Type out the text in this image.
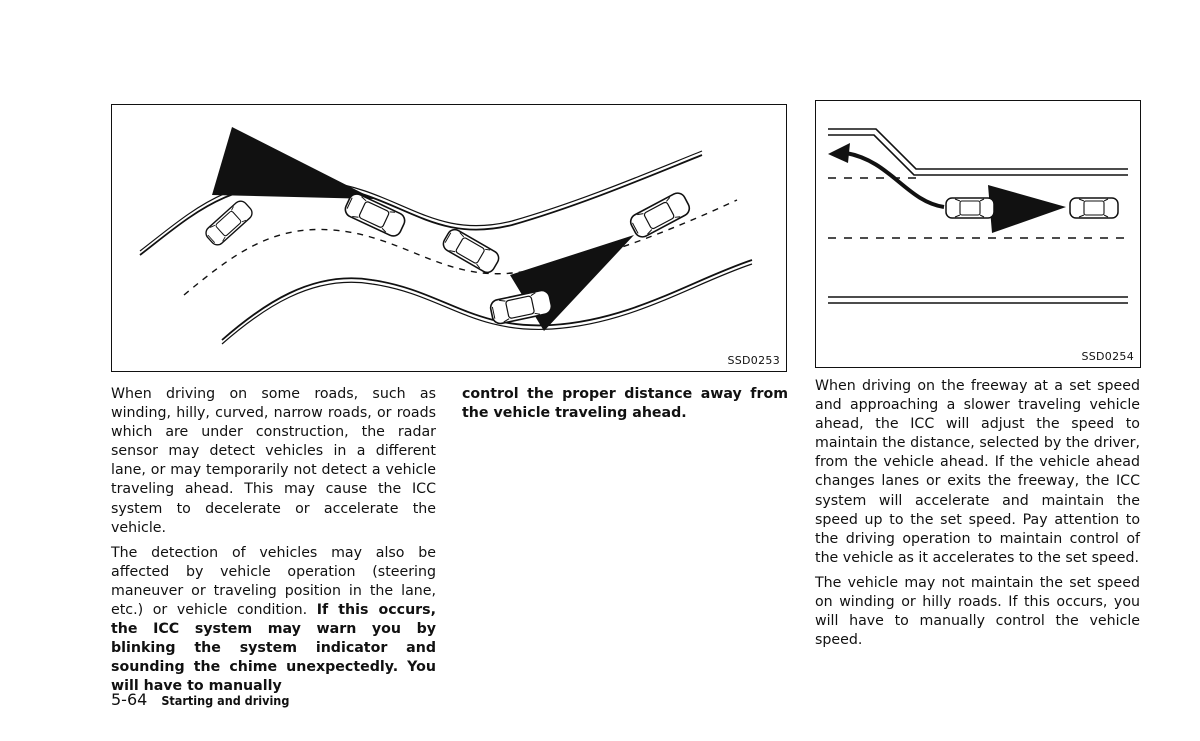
SSD0253	SSD0254

When driving on some roads, such as winding, hilly, curved, narrow roads, or roads which are under construction, the radar sensor may detect vehicles in a different lane, or may temporarily not detect a vehicle traveling ahead. This may cause the ICC system to decelerate or accelerate the vehicle.

The detection of vehicles may also be affected by vehicle operation (steering maneuver or traveling position in the lane, etc.) or vehicle condition. If this occurs, the ICC system may warn you by blinking the system indicator and sounding the chime unexpectedly. You will have to manually

control the proper distance away from the vehicle traveling ahead.

When driving on the freeway at a set speed and approaching a slower traveling vehicle ahead, the ICC will adjust the speed to maintain the distance, selected by the driver, from the vehicle ahead. If the vehicle ahead changes lanes or exits the freeway, the ICC system will accelerate and maintain the speed up to the set speed. Pay attention to the driving operation to maintain control of the vehicle as it accelerates to the set speed.

The vehicle may not maintain the set speed on winding or hilly roads. If this occurs, you will have to manually control the vehicle speed.

5-64 Starting and driving
